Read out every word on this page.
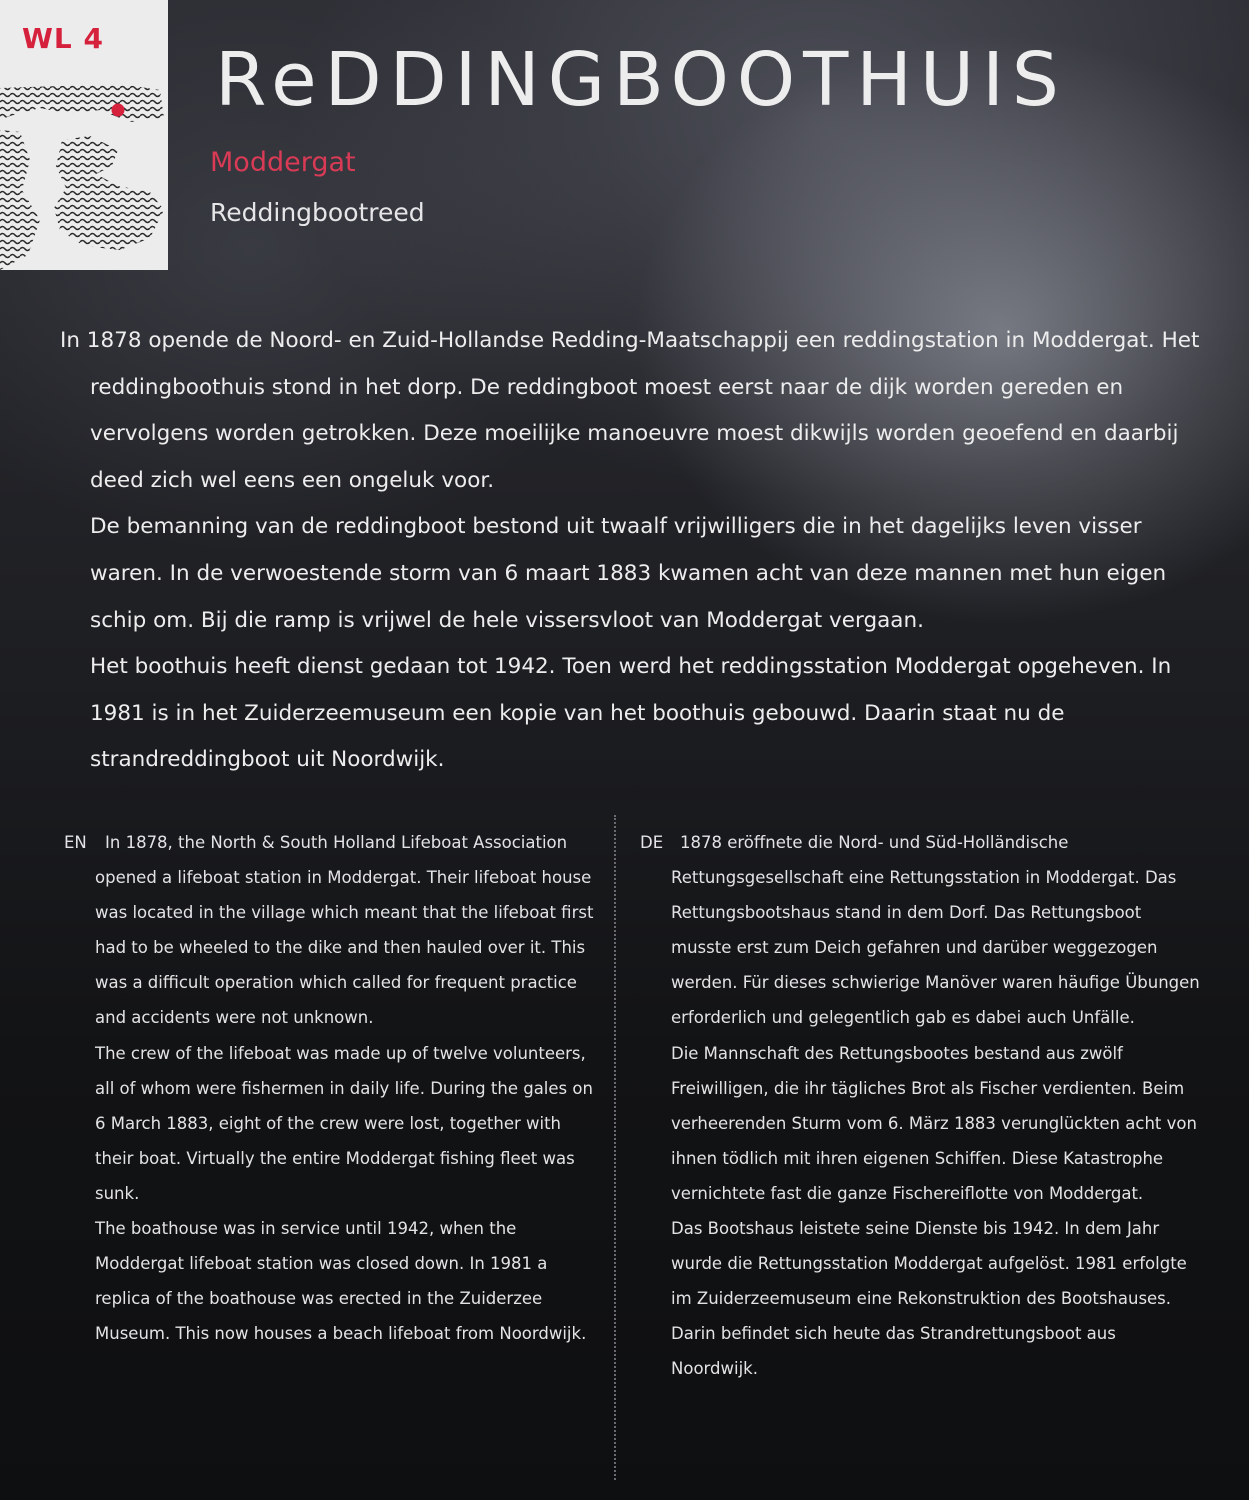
WL 4 ReDDINGBOOTHUIS
Moddergat
Reddingbootreed

In 1878 opende de Noord- en Zuid-Hollandse Redding-Maatschappij een reddingstation in Moddergat. Het reddingboothuis stond in het dorp. De reddingboot moest eerst naar de dijk worden gereden en vervolgens worden getrokken. Deze moeilijke manoeuvre moest dikwijls worden geoefend en daarbij deed zich wel eens een ongeluk voor.

De bemanning van de reddingboot bestond uit twaalf vrijwilligers die in het dagelijks leven visser waren. In de verwoestende storm van 6 maart 1883 kwamen acht van deze mannen met hun eigen schip om. Bij die ramp is vrijwel de hele vissersvloot van Moddergat vergaan.

Het boothuis heeft dienst gedaan tot 1942. Toen werd het reddingsstation Moddergat opgeheven. In 1981 is in het Zuiderzeemuseum een kopie van het boothuis gebouwd. Daarin staat nu de strandreddingboot uit Noordwijk.

EN	In 1878, the North & South Holland Lifeboat Association opened a lifeboat station in Moddergat. Their lifeboat house was located in the village which meant that the lifeboat first had to be wheeled to the dike and then hauled over it. This was a difficult operation which called for frequent practice and accidents were not unknown.

The crew of the lifeboat was made up of twelve volunteers, all of whom were fishermen in daily life. During the gales on 6 March 1883, eight of the crew were lost, together with their boat. Virtually the entire Moddergat fishing fleet was sunk.

The boathouse was in service until 1942, when the Moddergat lifeboat station was closed down. In 1981 a replica of the boathouse was erected in the Zuiderzee Museum. This now houses a beach lifeboat from Noordwijk.

DE	1878 eröffnete die Nord- und Süd-Holländische Rettungsgesellschaft eine Rettungsstation in Moddergat. Das Rettungsbootshaus stand in dem Dorf. Das Rettungsboot musste erst zum Deich gefahren und darüber weggezogen werden. Für dieses schwierige Manöver waren häufige Übungen erforderlich und gelegentlich gab es dabei auch Unfälle.

Die Mannschaft des Rettungsbootes bestand aus zwölf Freiwilligen, die ihr tägliches Brot als Fischer verdienten. Beim verheerenden Sturm vom 6. März 1883 verunglückten acht von ihnen tödlich mit ihren eigenen Schiffen. Diese Katastrophe vernichtete fast die ganze Fischereiflotte von Moddergat.

Das Bootshaus leistete seine Dienste bis 1942. In dem Jahr wurde die Rettungsstation Moddergat aufgelöst. 1981 erfolgte im Zuiderzeemuseum eine Rekonstruktion des Bootshauses. Darin befindet sich heute das Strandrettungsboot aus Noordwijk.
